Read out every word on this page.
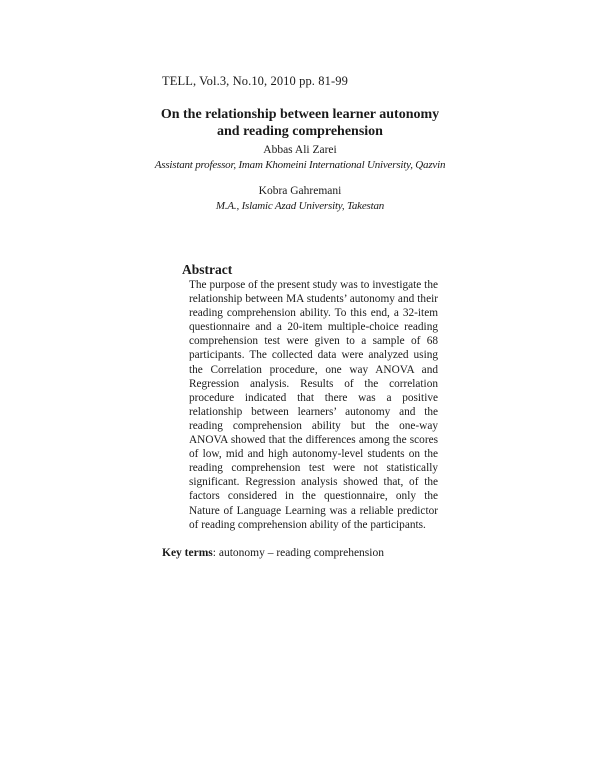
TELL, Vol.3, No.10, 2010 pp. 81-99
On the relationship between learner autonomy
and reading comprehension
Abbas Ali Zarei
Assistant professor, Imam Khomeini International University, Qazvin
Kobra Gahremani
M.A., Islamic Azad University, Takestan
Abstract
The purpose of the present study was to investigate the relationship between MA students’ autonomy and their reading comprehension ability. To this end, a 32-item questionnaire and a 20-item multiple-choice reading comprehension test were given to a sample of 68 participants. The collected data were analyzed using the Correlation procedure, one way ANOVA and Regression analysis. Results of the correlation procedure indicated that there was a positive relationship between learners’ autonomy and the reading comprehension ability but the one-way ANOVA showed that the differences among the scores of low, mid and high autonomy-level students on the reading comprehension test were not statistically significant. Regression analysis showed that, of the factors considered in the questionnaire, only the Nature of Language Learning was a reliable predictor of reading comprehension ability of the participants.
Key terms: autonomy – reading comprehension
